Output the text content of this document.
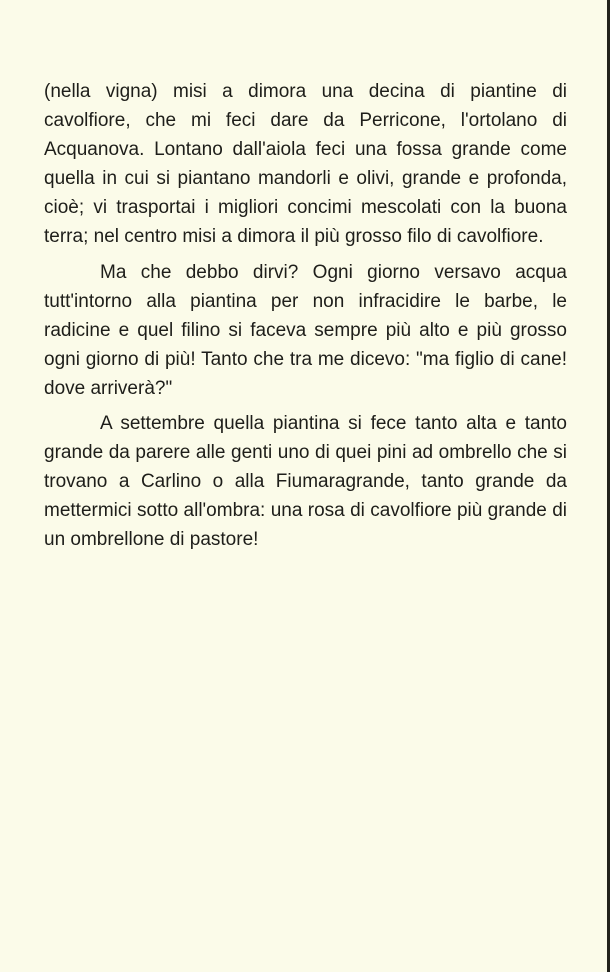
(nella vigna) misi a dimora una decina di piantine di cavolfiore, che mi feci dare da Perricone, l'ortolano di Acquanova. Lontano dall'aiola feci una fossa grande come quella in cui si piantano mandorli e olivi, grande e profonda, cioè; vi trasportai i migliori concimi mescolati con la buona terra; nel centro misi a dimora il più grosso filo di cavolfiore.

Ma che debbo dirvi? Ogni giorno versavo acqua tutt'intorno alla piantina per non infracidire le barbe, le radicine e quel filino si faceva sempre più alto e più grosso ogni giorno di più! Tanto che tra me dicevo: "ma figlio di cane! dove arriverà?"

A settembre quella piantina si fece tanto alta e tanto grande da parere alle genti uno di quei pini ad ombrello che si trovano a Carlino o alla Fiumaragrande, tanto grande da mettermici sotto all'ombra: una rosa di cavolfiore più grande di un ombrellone di pastore!
